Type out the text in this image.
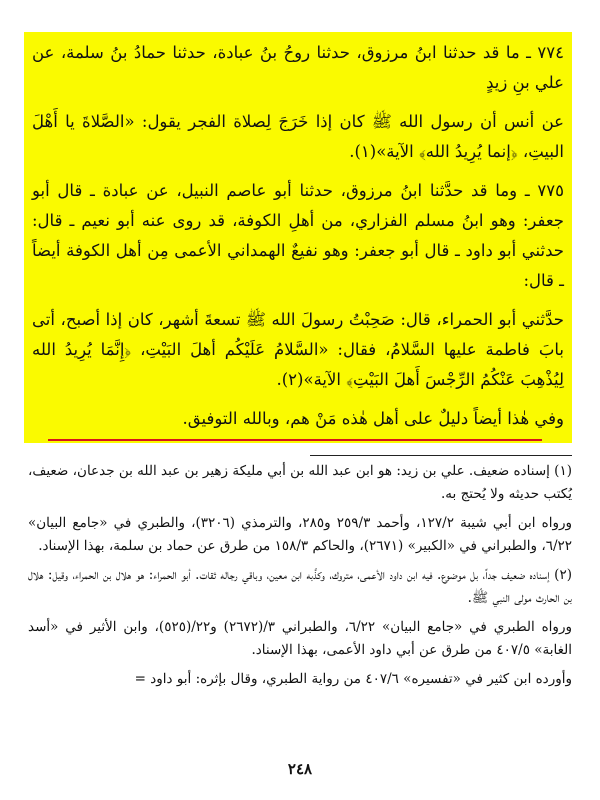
٧٧٤ ـ ما قد حدثنا ابنُ مرزوق، حدثنا روحُ بنُ عبادة، حدثنا حمادُ بنُ سلمة، عن علي بنِ زيدٍ

عن أنس أن رسول الله ﷺ كان إذا خَرَجَ لِصلاة الفجر يقول: «الصَّلاةَ يا أَهْلَ البيتِ، ﴿إنما يُرِيدُ الله﴾ الآية»(١).

٧٧٥ ـ وما قد حدَّثنا ابنُ مرزوق، حدثنا أبو عاصم النبيل، عن عبادة ـ قال أبو جعفر: وهو ابنُ مسلم الفزاري، من أهلِ الكوفة، قد روى عنه أبو نعيم ـ قال: حدثني أبو داود ـ قال أبو جعفر: وهو نفيعٌ الهمداني الأعمى مِن أهل الكوفة أيضاً ـ قال:

حدَّثني أبو الحمراء، قال: صَحِبْتُ رسولَ الله ﷺ تسعةَ أشهر، كان إذا أصبح، أتى بابَ فاطمة عليها السَّلامُ، فقال: «السَّلامُ عَلَيْكُم أهلَ البَيْتِ، ﴿إِنَّمَا يُرِيدُ الله لِيُذْهِبَ عَنْكُمُ الرِّجْسَ أَهلَ البَيْتِ﴾ الآية»(٢).

وفي هٰذا أيضاً دليلٌ على أهل هٰذه مَنْ هم، وبالله التوفيق.

(١) إسناده ضعيف. علي بن زيد: هو ابن عبد الله بن أبي مليكة زهير بن عبد الله بن جدعان، ضعيف، يُكتب حديثه ولا يُحتج به.

ورواه ابن أبي شيبة ١٢٧/٢، وأحمد ٢٥٩/٣ و٢٨٥، والترمذي (٣٢٠٦)، والطبري في «جامع البيان» ٦/٢٢، والطبراني في «الكبير» (٢٦٧١)، والحاكم ١٥٨/٣ من طرق عن حماد بن سلمة، بهذا الإسناد.

(٢) إسناده ضعيف جداً، بل موضوع. فيه ابن داود الأعمى، متروك، وكذَّبه ابن معين، وباقي رجاله ثقات. أبو الحمراء: هو هلال بن الحمراء، وقيل: هلال بن الحارث مولى النبي ﷺ.

ورواه الطبري في «جامع البيان» ٦/٢٢، والطبراني ٣/(٢٦٧٢) و٢٢/(٥٢٥)، وابن الأثير في «أسد الغابة» ٤٠٧/٥ من طرق عن أبي داود الأعمى، بهذا الإسناد.

وأورده ابن كثير في «تفسيره» ٤٠٧/٦ من رواية الطبري، وقال بإثره: أبو داود =

٢٤٨
